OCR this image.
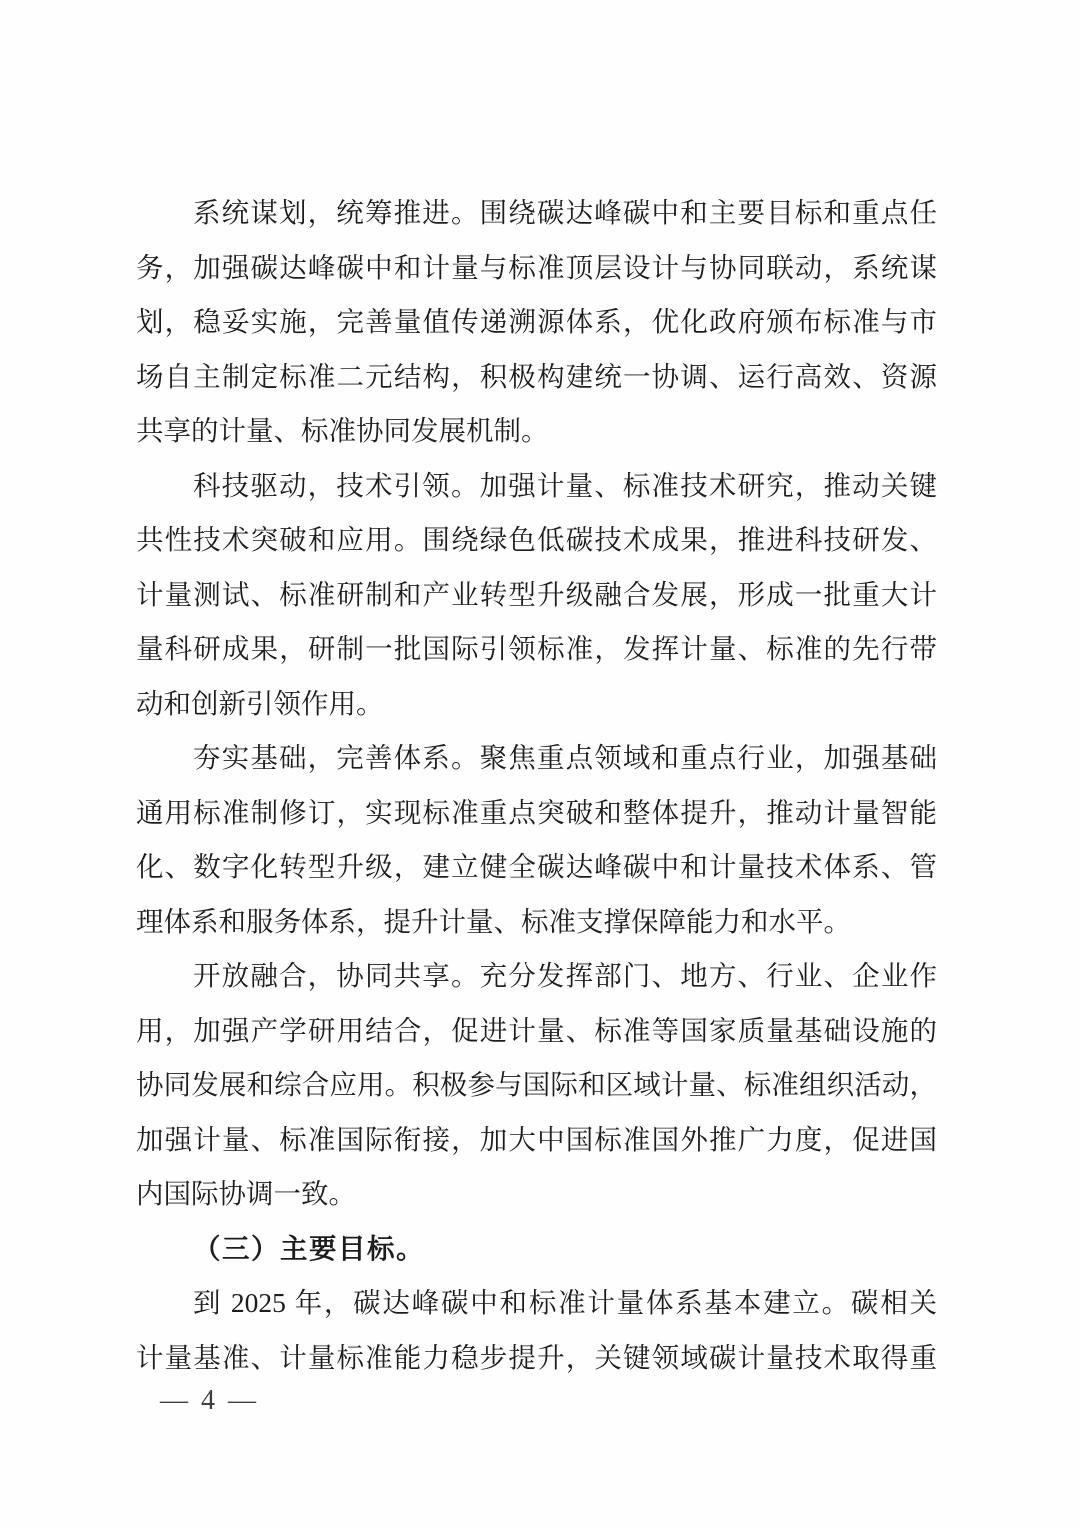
系统谋划，统筹推进。围绕碳达峰碳中和主要目标和重点任
务，加强碳达峰碳中和计量与标准顶层设计与协同联动，系统谋
划，稳妥实施，完善量值传递溯源体系，优化政府颁布标准与市
场自主制定标准二元结构，积极构建统一协调、运行高效、资源
共享的计量、标准协同发展机制。
科技驱动，技术引领。加强计量、标准技术研究，推动关键
共性技术突破和应用。围绕绿色低碳技术成果，推进科技研发、
计量测试、标准研制和产业转型升级融合发展，形成一批重大计
量科研成果，研制一批国际引领标准，发挥计量、标准的先行带
动和创新引领作用。
夯实基础，完善体系。聚焦重点领域和重点行业，加强基础
通用标准制修订，实现标准重点突破和整体提升，推动计量智能
化、数字化转型升级，建立健全碳达峰碳中和计量技术体系、管
理体系和服务体系，提升计量、标准支撑保障能力和水平。
开放融合，协同共享。充分发挥部门、地方、行业、企业作
用，加强产学研用结合，促进计量、标准等国家质量基础设施的
协同发展和综合应用。积极参与国际和区域计量、标准组织活动，
加强计量、标准国际衔接，加大中国标准国外推广力度，促进国
内国际协调一致。
（三）主要目标。
到 2025 年，碳达峰碳中和标准计量体系基本建立。碳相关
计量基准、计量标准能力稳步提升，关键领域碳计量技术取得重
— 4 —
